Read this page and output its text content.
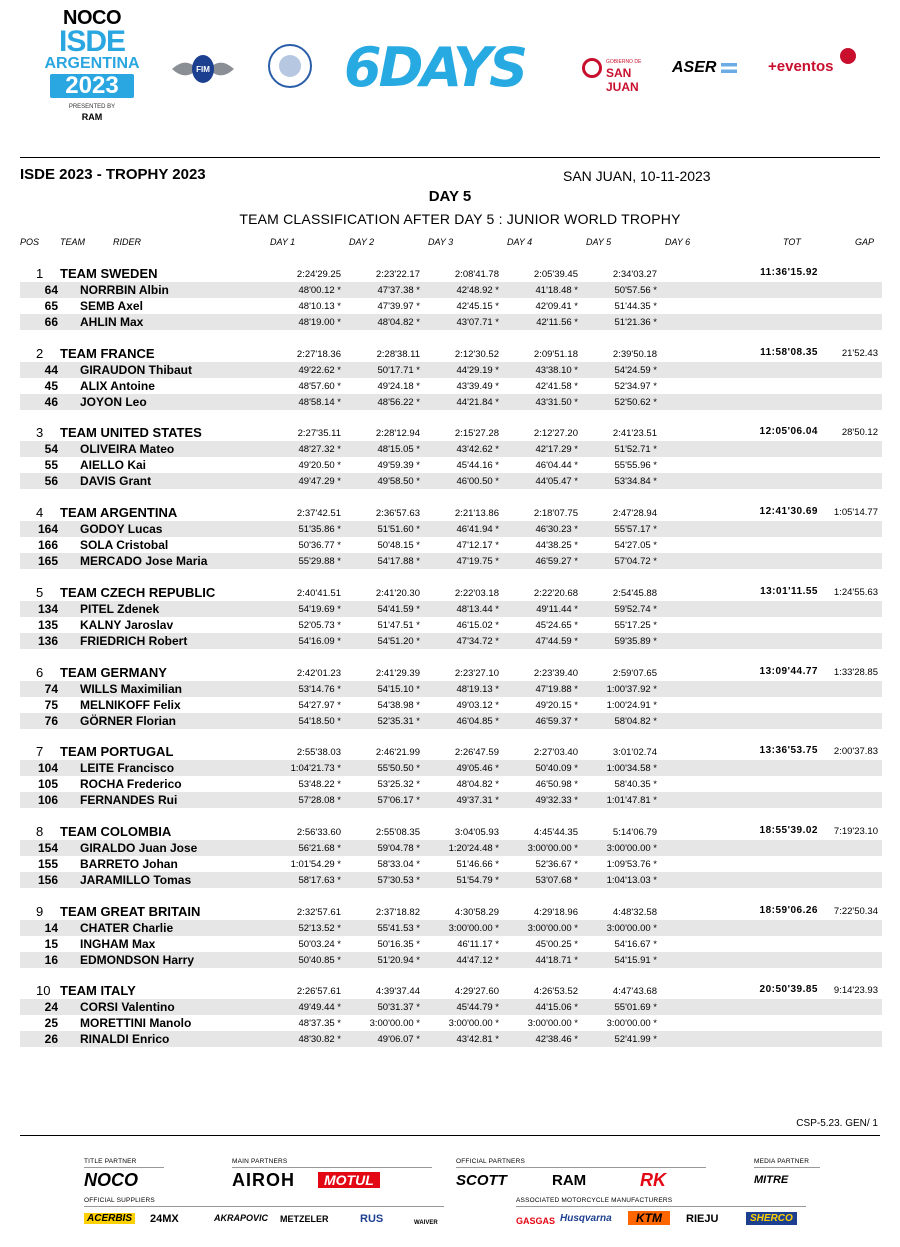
NOCO
ISDE
ARGENTINA
2023
PRESENTED BY
RAM
FIM 6DAYS	GOBIERNO DE
SAN JUAN
ASER	+eventos
ISDE 2023 - TROPHY 2023	SAN JUAN, 10-11-2023
DAY 5
TEAM CLASSIFICATION AFTER DAY 5 : JUNIOR WORLD TROPHY
POS TEAM	RIDER	DAY 1	DAY 2	DAY 3	DAY 4	DAY 5	DAY 6	TOT	GAP
1 TEAM SWEDEN	2:24'29.25	2:23'22.17	2:08'41.78	2:05'39.45	2:34'03.27	11:36'15.92
64 NORRBIN Albin	48'00.12 *	47'37.38 *	42'48.92 *	41'18.48 *	50'57.56 *
65 SEMB Axel	48'10.13 *	47'39.97 *	42'45.15 *	42'09.41 *	51'44.35 *
66 AHLIN Max	48'19.00 *	48'04.82 *	43'07.71 *	42'11.56 *	51'21.36 *
2 TEAM FRANCE	2:27'18.36	2:28'38.11	2:12'30.52	2:09'51.18	2:39'50.18	11:58'08.35	21'52.43
44 GIRAUDON Thibaut	49'22.62 *	50'17.71 *	44'29.19 *	43'38.10 *	54'24.59 *
45 ALIX Antoine	48'57.60 *	49'24.18 *	43'39.49 *	42'41.58 *	52'34.97 *
46 JOYON Leo	48'58.14 *	48'56.22 *	44'21.84 *	43'31.50 *	52'50.62 *
3 TEAM UNITED STATES	2:27'35.11	2:28'12.94	2:15'27.28	2:12'27.20	2:41'23.51	12:05'06.04	28'50.12
54 OLIVEIRA Mateo	48'27.32 *	48'15.05 *	43'42.62 *	42'17.29 *	51'52.71 *
55 AIELLO Kai	49'20.50 *	49'59.39 *	45'44.16 *	46'04.44 *	55'55.96 *
56 DAVIS Grant	49'47.29 *	49'58.50 *	46'00.50 *	44'05.47 *	53'34.84 *
4 TEAM ARGENTINA	2:37'42.51	2:36'57.63	2:21'13.86	2:18'07.75	2:47'28.94	12:41'30.69	1:05'14.77
164 GODOY Lucas	51'35.86 *	51'51.60 *	46'41.94 *	46'30.23 *	55'57.17 *
166 SOLA Cristobal	50'36.77 *	50'48.15 *	47'12.17 *	44'38.25 *	54'27.05 *
165 MERCADO Jose Maria	55'29.88 *	54'17.88 *	47'19.75 *	46'59.27 *	57'04.72 *
5 TEAM CZECH REPUBLIC	2:40'41.51	2:41'20.30	2:22'03.18	2:22'20.68	2:54'45.88	13:01'11.55	1:24'55.63
134 PITEL Zdenek	54'19.69 *	54'41.59 *	48'13.44 *	49'11.44 *	59'52.74 *
135 KALNY Jaroslav	52'05.73 *	51'47.51 *	46'15.02 *	45'24.65 *	55'17.25 *
136 FRIEDRICH Robert	54'16.09 *	54'51.20 *	47'34.72 *	47'44.59 *	59'35.89 *
6 TEAM GERMANY	2:42'01.23	2:41'29.39	2:23'27.10	2:23'39.40	2:59'07.65	13:09'44.77	1:33'28.85
74 WILLS Maximilian	53'14.76 *	54'15.10 *	48'19.13 *	47'19.88 *	1:00'37.92 *
75 MELNIKOFF Felix	54'27.97 *	54'38.98 *	49'03.12 *	49'20.15 *	1:00'24.91 *
76 GÖRNER Florian	54'18.50 *	52'35.31 *	46'04.85 *	46'59.37 *	58'04.82 *
7 TEAM PORTUGAL	2:55'38.03	2:46'21.99	2:26'47.59	2:27'03.40	3:01'02.74	13:36'53.75	2:00'37.83
104 LEITE Francisco	1:04'21.73 *	55'50.50 *	49'05.46 *	50'40.09 *	1:00'34.58 *
105 ROCHA Frederico	53'48.22 *	53'25.32 *	48'04.82 *	46'50.98 *	58'40.35 *
106 FERNANDES Rui	57'28.08 *	57'06.17 *	49'37.31 *	49'32.33 *	1:01'47.81 *
8 TEAM COLOMBIA	2:56'33.60	2:55'08.35	3:04'05.93	4:45'44.35	5:14'06.79	18:55'39.02	7:19'23.10
154 GIRALDO Juan Jose	56'21.68 *	59'04.78 *	1:20'24.48 *	3:00'00.00 *	3:00'00.00 *
155 BARRETO Johan	1:01'54.29 *	58'33.04 *	51'46.66 *	52'36.67 *	1:09'53.76 *
156 JARAMILLO Tomas	58'17.63 *	57'30.53 *	51'54.79 *	53'07.68 *	1:04'13.03 *
9 TEAM GREAT BRITAIN	2:32'57.61	2:37'18.82	4:30'58.29	4:29'18.96	4:48'32.58	18:59'06.26	7:22'50.34
14 CHATER Charlie	52'13.52 *	55'41.53 *	3:00'00.00 *	3:00'00.00 *	3:00'00.00 *
15 INGHAM Max	50'03.24 *	50'16.35 *	46'11.17 *	45'00.25 *	54'16.67 *
16 EDMONDSON Harry	50'40.85 *	51'20.94 *	44'47.12 *	44'18.71 *	54'15.91 *
10 TEAM ITALY	2:26'57.61	4:39'37.44	4:29'27.60	4:26'53.52	4:47'43.68	20:50'39.85	9:14'23.93
24 CORSI Valentino	49'49.44 *	50'31.37 *	45'44.79 *	44'15.06 *	55'01.69 *
25 MORETTINI Manolo	48'37.35 *	3:00'00.00 *	3:00'00.00 *	3:00'00.00 *	3:00'00.00 *
26 RINALDI Enrico	48'30.82 *	49'06.07 *	43'42.81 *	42'38.46 *	52'41.99 *
CSP-5.23. GEN/ 1
TITLE PARTNER	MAIN PARTNERS	OFFICIAL PARTNERS	MEDIA PARTNER
NOCO	AIROH	MOTUL	SCOTT	RAM	RK	MITRE
OFFICIAL SUPPLIERS	ASSOCIATED MOTORCYCLE MANUFACTURERS
ACERBIS 24MX	AKRAPOVIC METZELER	RUS	WAIVER	GASGAS Husqvarna	KTM	RIEJU	SHERCO
